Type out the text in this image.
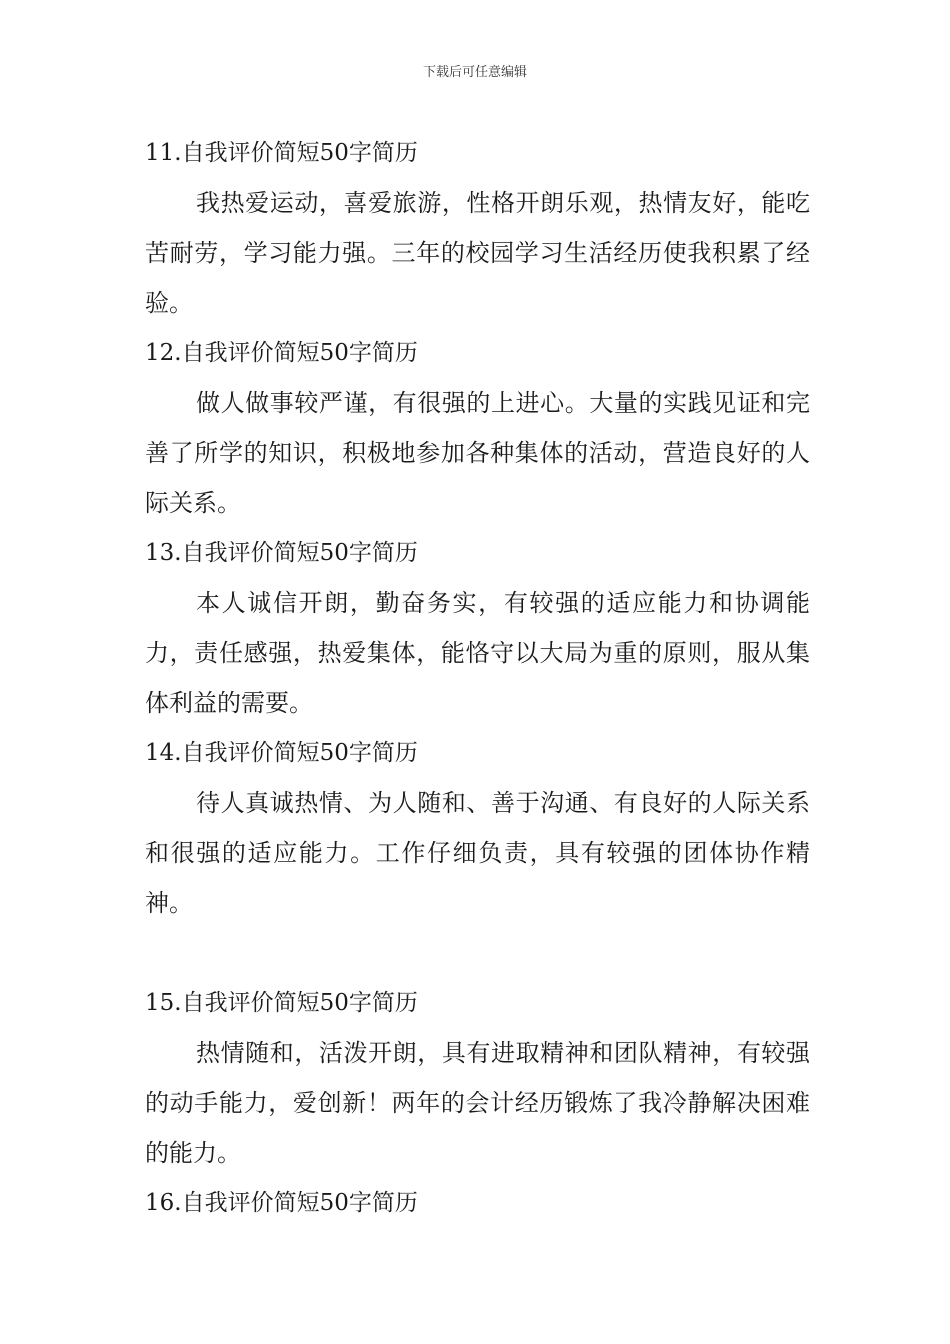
下载后可任意编辑
11.自我评价简短50字简历
我热爱运动，喜爱旅游，性格开朗乐观，热情友好，能吃苦耐劳，学习能力强。三年的校园学习生活经历使我积累了经验。
12.自我评价简短50字简历
做人做事较严谨，有很强的上进心。大量的实践见证和完善了所学的知识，积极地参加各种集体的活动，营造良好的人际关系。
13.自我评价简短50字简历
本人诚信开朗，勤奋务实，有较强的适应能力和协调能力，责任感强，热爱集体，能恪守以大局为重的原则，服从集体利益的需要。
14.自我评价简短50字简历
待人真诚热情、为人随和、善于沟通、有良好的人际关系和很强的适应能力。工作仔细负责，具有较强的团体协作精神。
15.自我评价简短50字简历
热情随和，活泼开朗，具有进取精神和团队精神，有较强的动手能力，爱创新！两年的会计经历锻炼了我冷静解决困难的能力。
16.自我评价简短50字简历
